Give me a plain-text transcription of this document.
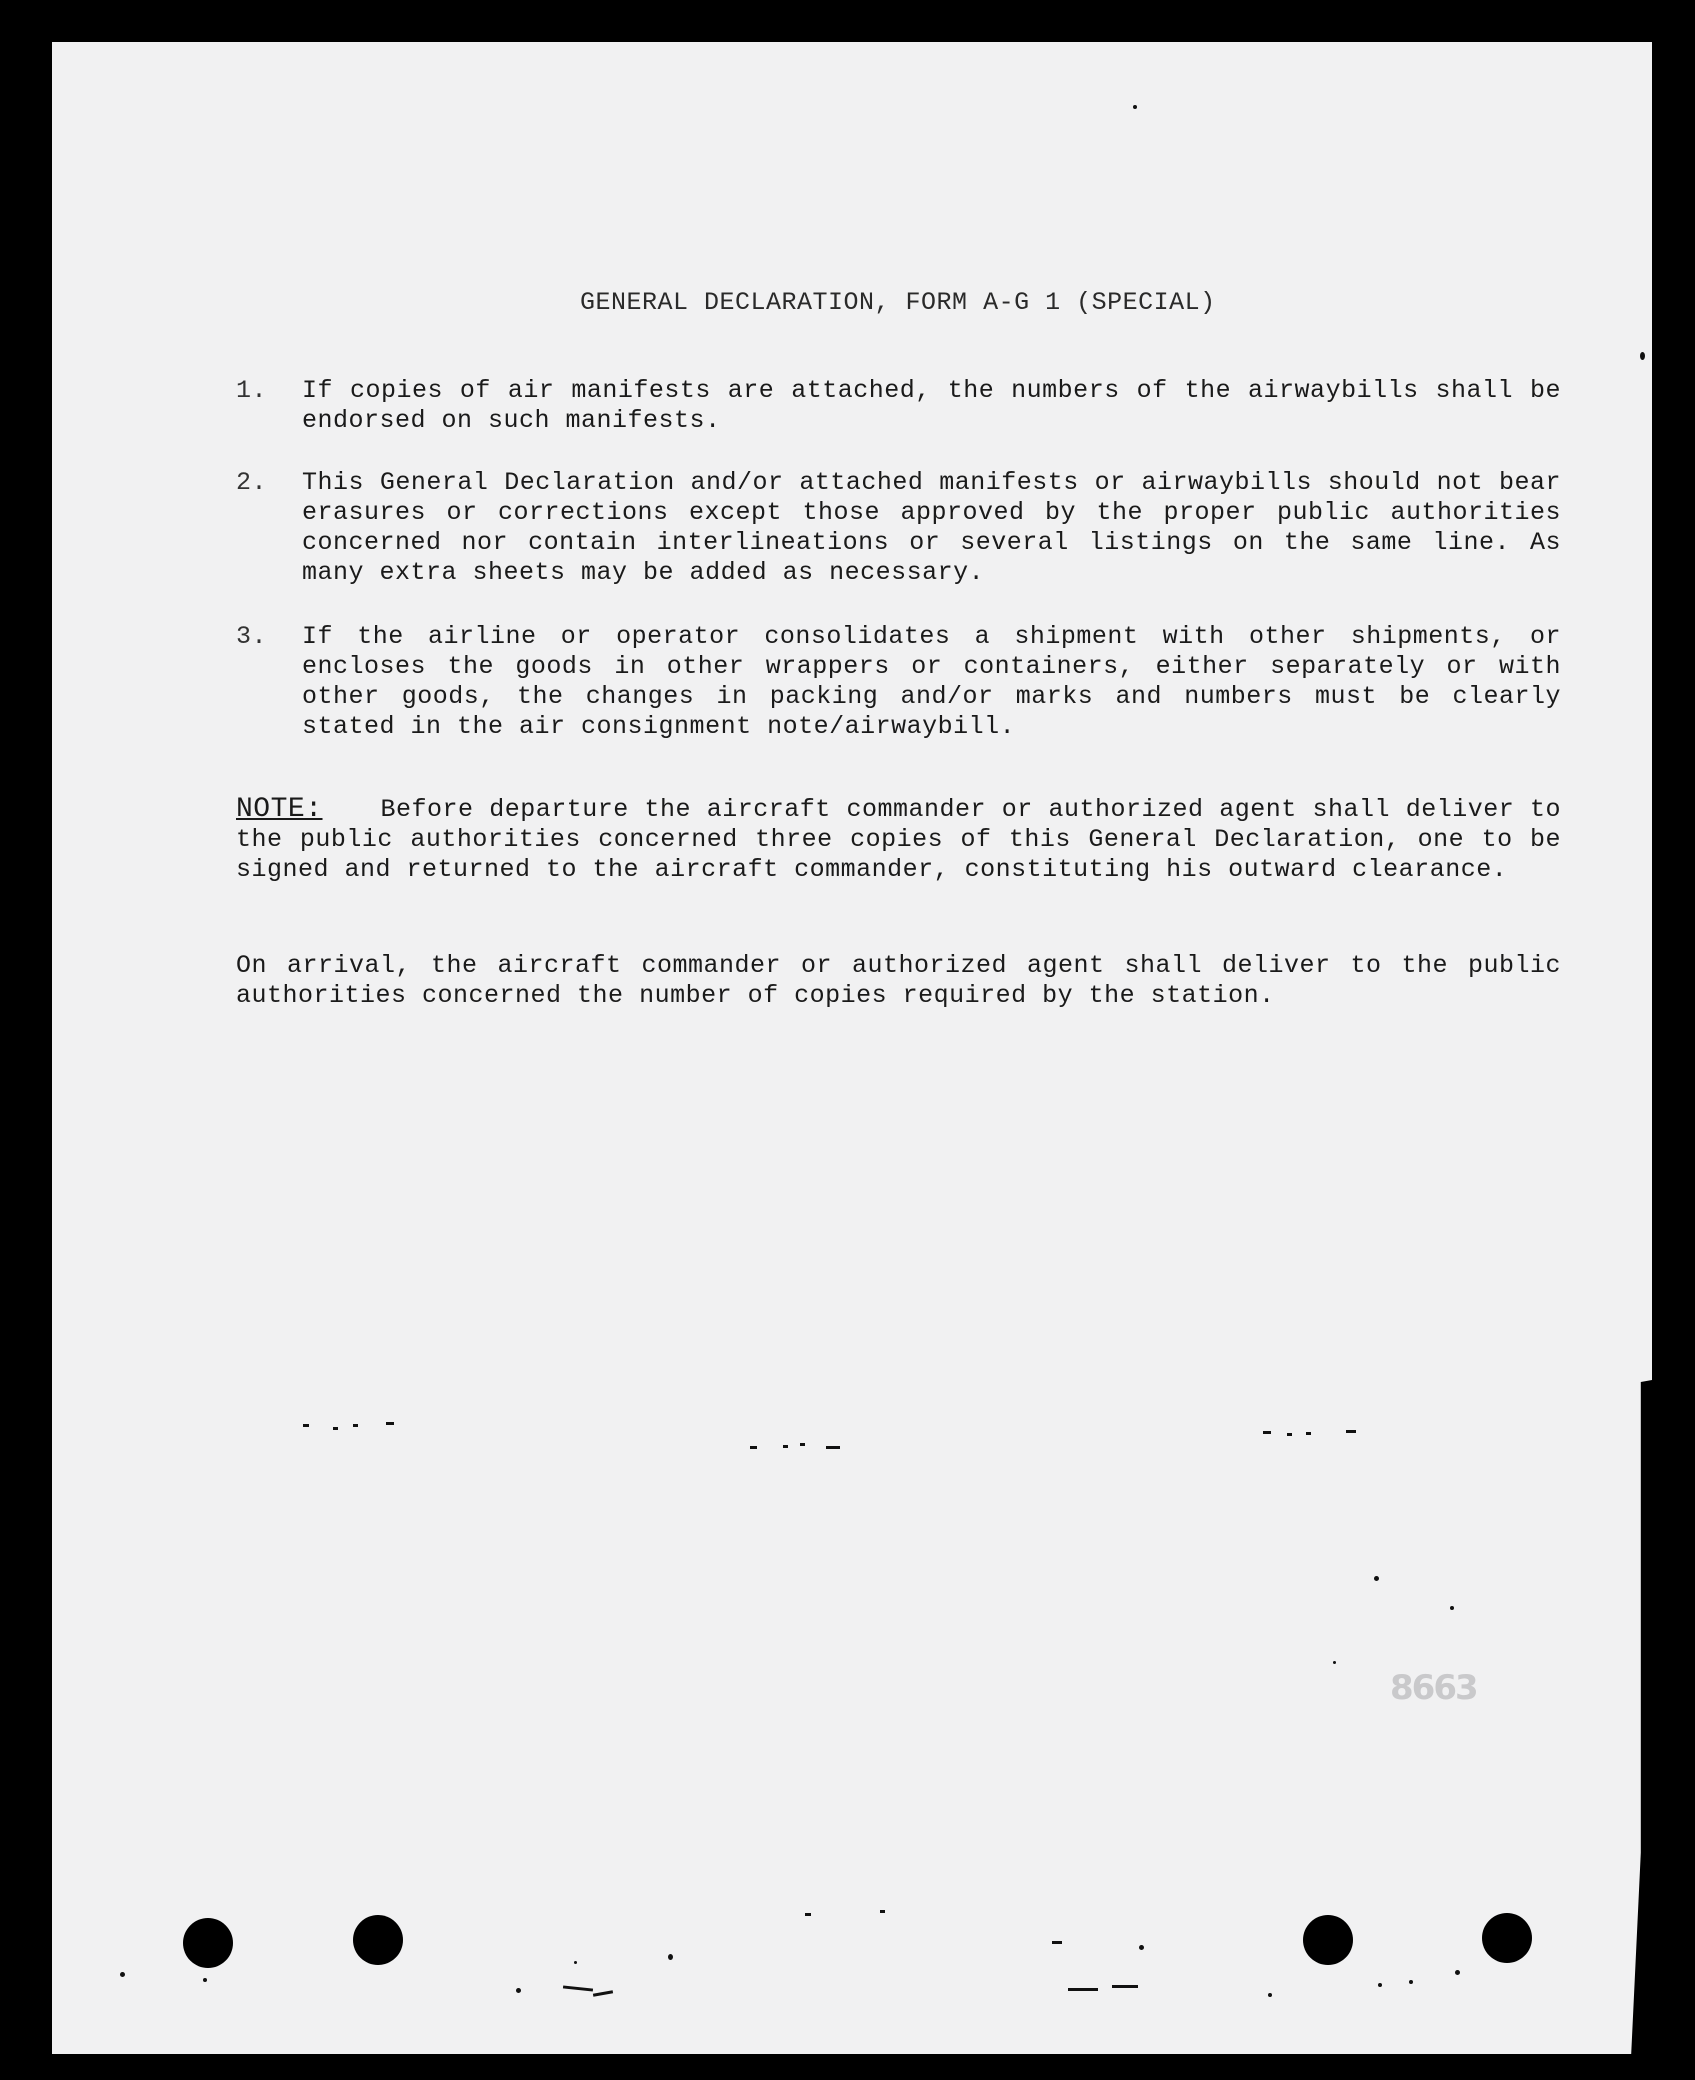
GENERAL DECLARATION, FORM A-G 1 (SPECIAL)
1.	If copies of air manifests are attached, the numbers of the airwaybills shall be endorsed on such manifests.
2.	This General Declaration and/or attached manifests or airwaybills should not bear erasures or corrections except those approved by the proper public authorities concerned nor contain interlineations or several listings on the same line. As many extra sheets may be added as necessary.
3.	If the airline or operator consolidates a shipment with other shipments, or encloses the goods in other wrappers or containers, either separately or with other goods, the changes in packing and/or marks and numbers must be clearly stated in the air consignment note/airwaybill.
NOTE: Before departure the aircraft commander or authorized agent shall deliver to the public authorities concerned three copies of this General Declaration, one to be signed and returned to the aircraft commander, constituting his outward clearance.
On arrival, the aircraft commander or authorized agent shall deliver to the public authorities concerned the number of copies required by the station.
8663
